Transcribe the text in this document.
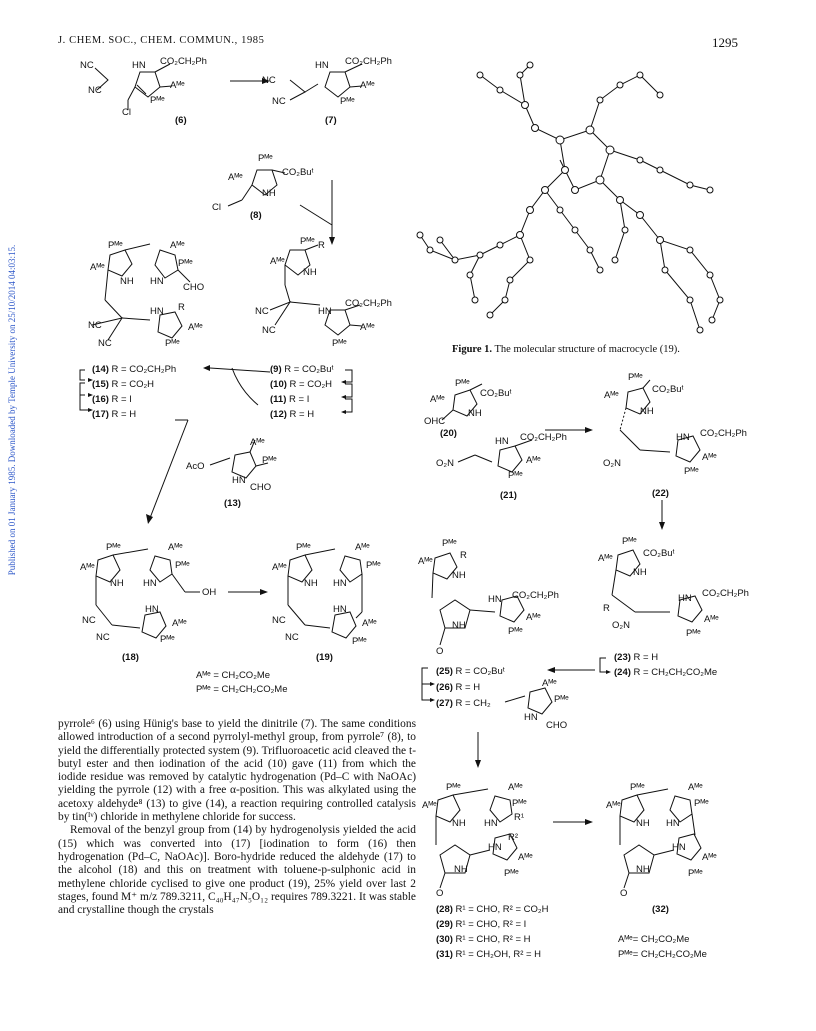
J. CHEM. SOC., CHEM. COMMUN., 1985	1295
Published on 01 January 1985. Downloaded by Temple University on 25/10/2014 04:03:15.
NC
NC
HN CO₂CH₂Ph
Aᴹᵉ
Pᴹᵉ
Cl
(6)
NC
NC
HN CO₂CH₂Ph
Aᴹᵉ
Pᴹᵉ
(7)
Pᴹᵉ
Aᴹᵉ	CO₂Buᵗ
NH
Cl
(8)
Pᴹᵉ
Aᴹᵉ
R
NH
NC
NC
HN
CO₂CH₂Ph
Aᴹᵉ
Pᴹᵉ
(9) R = CO₂Buᵗ
(10) R = CO₂H
(11) R = I
(12) R = H
Pᴹᵉ	Aᴹᵉ
Aᴹᵉ	Pᴹᵉ
NH HN
CHO
HN R
NC
NC
Aᴹᵉ
Pᴹᵉ
(14) R = CO₂CH₂Ph
(15) R = CO₂H
(16) R = I
(17) R = H
Aᴹᵉ
Pᴹᵉ
AcO
HN
CHO
(13)
Pᴹᵉ	Aᴹᵉ
Aᴹᵉ	Pᴹᵉ
NH HN
OH
HN
NC
NC
Aᴹᵉ
Pᴹᵉ
(18)
Pᴹᵉ	Aᴹᵉ
Aᴹᵉ	Pᴹᵉ
NH HN
HN
NC
NC
Aᴹᵉ
Pᴹᵉ
(19)
Aᴹᵉ = CH₂CO₂Me
Pᴹᵉ = CH₂CH₂CO₂Me
Figure 1. The molecular structure of macrocycle (19).
Pᴹᵉ
Aᴹᵉ
CO₂Buᵗ
NH
OHC
(20)
HN CO₂CH₂Ph
O₂N	Aᴹᵉ
Pᴹᵉ
(21)
Pᴹᵉ
Aᴹᵉ
CO₂Buᵗ
NH
HN CO₂CH₂Ph
O₂N
Aᴹᵉ
Pᴹᵉ
(22)
Pᴹᵉ
Aᴹᵉ	CO₂Buᵗ
NH
R
HN CO₂CH₂Ph
O₂N
Aᴹᵉ
Pᴹᵉ
(23) R = H
(24) R = CH₂CH₂CO₂Me
Pᴹᵉ
Aᴹᵉ
R
NH
HN CO₂CH₂Ph
NH
Aᴹᵉ
Pᴹᵉ
O
(25) R = CO₂Buᵗ
(26) R = H
(27) R = CH₂
Aᴹᵉ
Pᴹᵉ
HN
CHO
Pᴹᵉ	Aᴹᵉ
Aᴹᵉ	Pᴹᵉ
NH HN
R¹
HN
R²
NH
Aᴹᵉ
Pᴹᵉ
O
(28) R¹ = CHO, R² = CO₂H
(29) R¹ = CHO, R² = I
(30) R¹ = CHO, R² = H
(31) R¹ = CH₂OH, R² = H
Pᴹᵉ	Aᴹᵉ
Aᴹᵉ	Pᴹᵉ
NH HN
HN
NH
Aᴹᵉ
Pᴹᵉ
O
(32)
Aᴹᵉ= CH₂CO₂Me
Pᴹᵉ= CH₂CH₂CO₂Me

pyrrole⁶ (6) using Hünig's base to yield the dinitrile (7). The same conditions allowed introduction of a second pyrrolyl-methyl group, from pyrrole⁷ (8), to yield the differentially protected system (9). Trifluoroacetic acid cleaved the t-butyl ester and then iodination of the acid (10) gave (11) from which the iodide residue was removed by catalytic hydrogenation (Pd–C with NaOAc) yielding the pyrrole (12) with a free α-position. This was alkylated using the acetoxy aldehyde⁸ (13) to give (14), a reaction requiring controlled catalysis by tin(ᴵᵛ) chloride in methylene chloride for success.

Removal of the benzyl group from (14) by hydrogenolysis yielded the acid (15) which was converted into (17) [iodination to form (16) then hydrogenation (Pd–C, NaOAc)]. Boro-hydride reduced the aldehyde (17) to the alcohol (18) and this on treatment with toluene-p-sulphonic acid in methylene chloride cyclised to give one product (19), 25% yield over last 2 stages, found M⁺ m/z 789.3211, C₄₀H₄₇N₅O₁₂ requires 789.3221. It was stable and crystalline though the crystals
